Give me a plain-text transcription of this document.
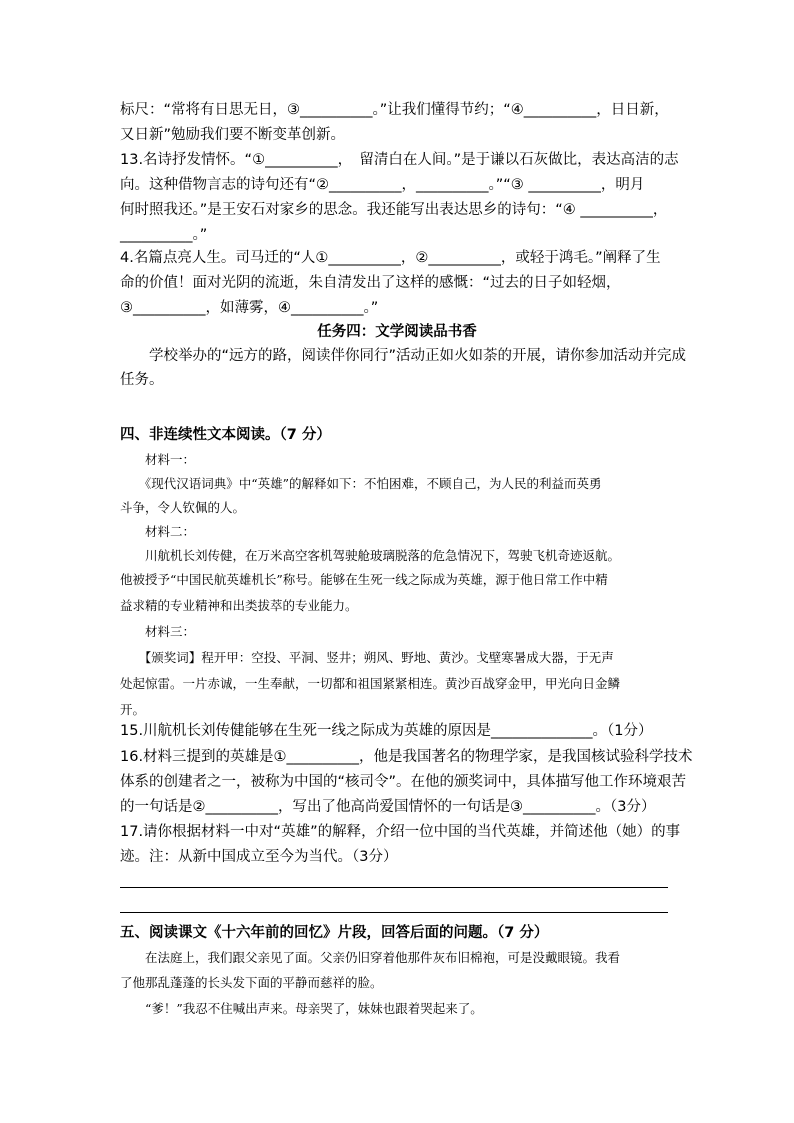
标尺：“常将有日思无日，③__________。”让我们懂得节约；“④__________，日日新，
又日新”勉励我们要不断变革创新。
13.名诗抒发情怀。“①__________，　留清白在人间。”是于谦以石灰做比，表达高洁的志
向。这种借物言志的诗句还有“②__________，__________。”“③ __________，明月
何时照我还。”是王安石对家乡的思念。我还能写出表达思乡的诗句：“④ __________，
__________。”
4.名篇点亮人生。司马迁的“人①__________，②__________，或轻于鸿毛。”阐释了生
命的价值！面对光阴的流逝，朱自清发出了这样的感慨：“过去的日子如轻烟，
③__________，如薄雾，④__________。”
任务四：文学阅读品书香
　　学校举办的“远方的路，阅读伴你同行”活动正如火如荼的开展，请你参加活动并完成
任务。
四、非连续性文本阅读。（7 分）
　　材料一：
　　《现代汉语词典》中“英雄”的解释如下：不怕困难，不顾自己，为人民的利益而英勇
斗争，令人钦佩的人。
　　材料二：
　　川航机长刘传健，在万米高空客机驾驶舱玻璃脱落的危急情况下，驾驶飞机奇迹返航。
他被授予“中国民航英雄机长”称号。能够在生死一线之际成为英雄，源于他日常工作中精
益求精的专业精神和出类拔萃的专业能力。
　　材料三：
　　【颁奖词】程开甲：空投、平洞、竖井；朔风、野地、黄沙。戈壁寒暑成大器，于无声
处起惊雷。一片赤诚，一生奉献，一切都和祖国紧紧相连。黄沙百战穿金甲，甲光向日金鳞
开。
15.川航机长刘传健能够在生死一线之际成为英雄的原因是______________。（1分）
16.材料三提到的英雄是①__________，他是我国著名的物理学家，是我国核试验科学技术
体系的创建者之一，被称为中国的“核司令”。在他的颁奖词中，具体描写他工作环境艰苦
的一句话是②__________，写出了他高尚爱国情怀的一句话是③__________。（3分）
17.请你根据材料一中对“英雄”的解释，介绍一位中国的当代英雄，并简述他（她）的事
迹。注：从新中国成立至今为当代。（3分）
五、阅读课文《十六年前的回忆》片段，回答后面的问题。（7 分）
　　在法庭上，我们跟父亲见了面。父亲仍旧穿着他那件灰布旧棉袍，可是没戴眼镜。我看
了他那乱蓬蓬的长头发下面的平静而慈祥的脸。
　　“爹！”我忍不住喊出声来。母亲哭了，妹妹也跟着哭起来了。
